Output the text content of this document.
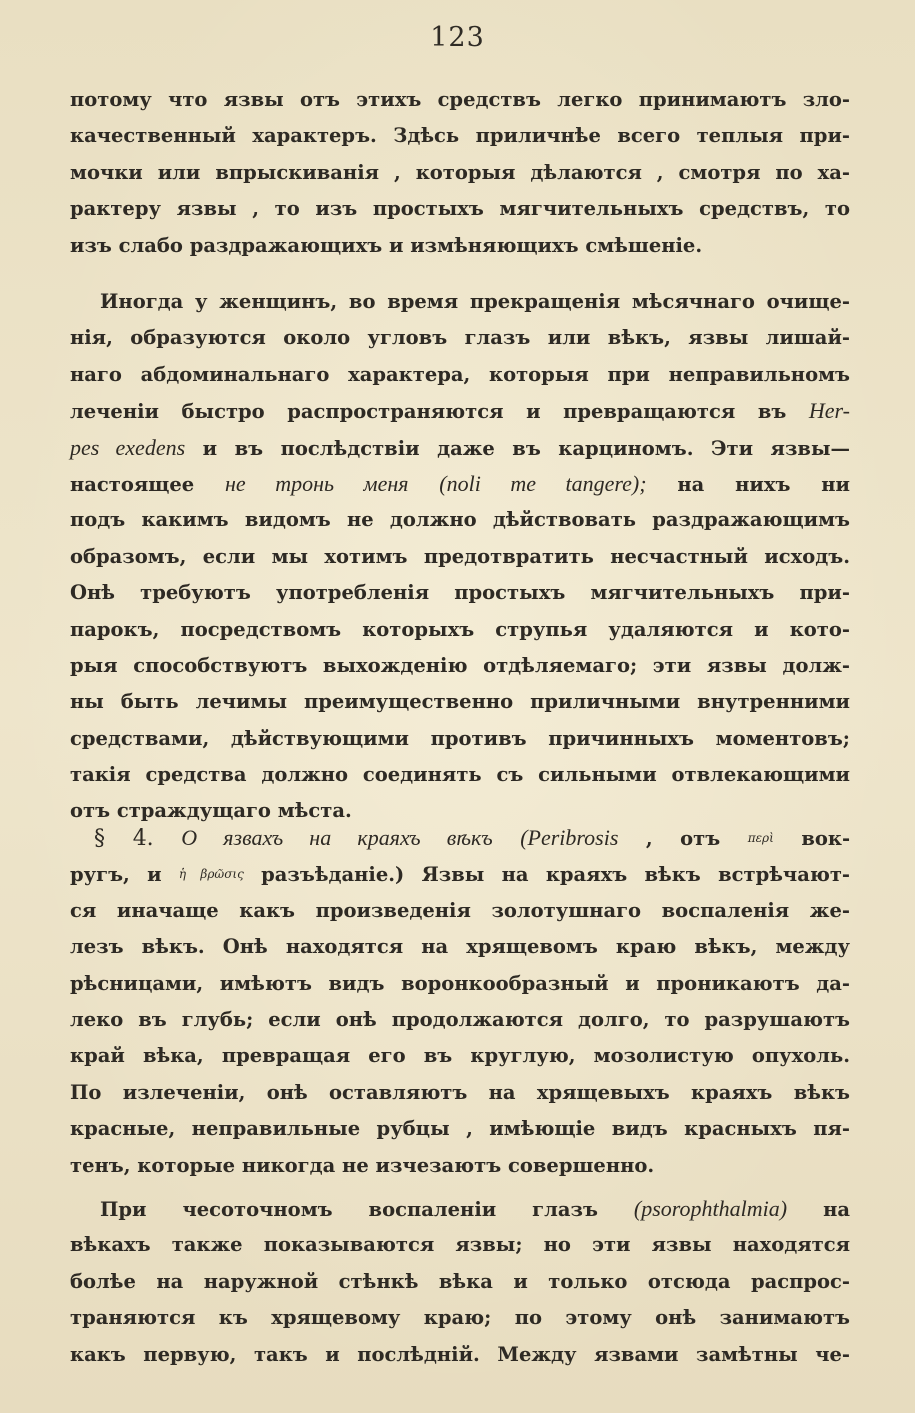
123
потому что язвы отъ этихъ средствъ легко принимаютъ зло-
качественный характеръ. Здѣсь приличнѣе всего теплыя при-
мочки или впрыскиванія , которыя дѣлаются , смотря по ха-
рактеру язвы , то изъ простыхъ мягчительныхъ средствъ, то
изъ слабо раздражающихъ и измѣняющихъ смѣшеніе.
Иногда у женщинъ, во время прекращенія мѣсячнаго очище-
нія, образуются около угловъ глазъ или вѣкъ, язвы лишай-
наго абдоминальнаго характера, которыя при неправильномъ
леченіи быстро распространяются и превращаются въ Her-
pes exedens и въ послѣдствіи даже въ карциномъ. Эти язвы—
настоящее не тронь меня (noli me tangere); на нихъ ни
подъ какимъ видомъ не должно дѣйствовать раздражающимъ
образомъ, если мы хотимъ предотвратить несчастный исходъ.
Онѣ требуютъ употребленія простыхъ мягчительныхъ при-
парокъ, посредствомъ которыхъ струпья удаляются и кото-
рыя способствуютъ выхожденію отдѣляемаго; эти язвы долж-
ны быть лечимы преимущественно приличными внутренними
средствами, дѣйствующими противъ причинныхъ моментовъ;
такія средства должно соединять съ сильными отвлекающими
отъ страждущаго мѣста.
§ 4. О язвахъ на краяхъ вѣкъ (Peribrosis , отъ περὶ вок-
ругъ, и ἡ βρῶσις разъѣданіе.) Язвы на краяхъ вѣкъ встрѣчают-
ся иначаще какъ произведенія золотушнаго воспаленія же-
лезъ вѣкъ. Онѣ находятся на хрящевомъ краю вѣкъ, между
рѣсницами, имѣютъ видъ воронкообразный и проникаютъ да-
леко въ глубь; если онѣ продолжаются долго, то разрушаютъ
край вѣка, превращая его въ круглую, мозолистую опухоль.
По излеченіи, онѣ оставляютъ на хрящевыхъ краяхъ вѣкъ
красные, неправильные рубцы , имѣющіе видъ красныхъ пя-
тенъ, которые никогда не изчезаютъ совершенно.
При чесоточномъ воспаленіи глазъ (psorophthalmia) на
вѣкахъ также показываются язвы; но эти язвы находятся
болѣе на наружной стѣнкѣ вѣка и только отсюда распрос-
траняются къ хрящевому краю; по этому онѣ занимаютъ
какъ первую, такъ и послѣдній. Между язвами замѣтны че-
